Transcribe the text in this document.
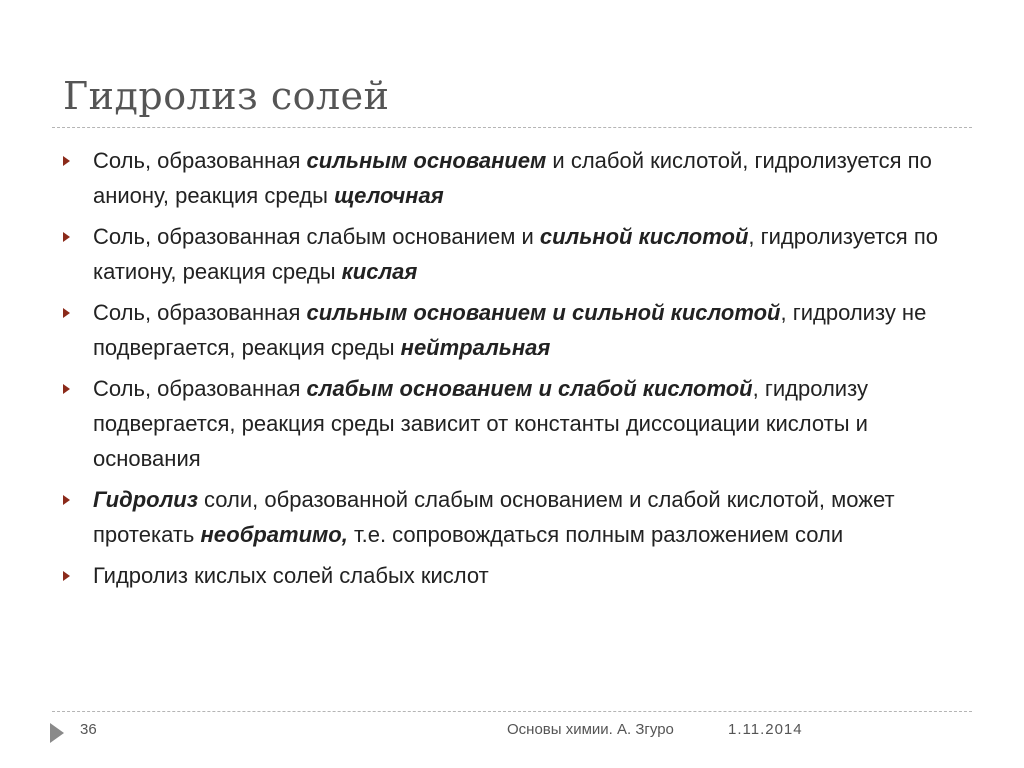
Гидролиз солей
Соль, образованная сильным основанием и слабой кислотой, гидролизуется по аниону, реакция среды щелочная
Соль, образованная слабым основанием и сильной кислотой, гидролизуется по катиону, реакция среды кислая
Соль, образованная сильным основанием и сильной кислотой, гидролизу не подвергается, реакция среды нейтральная
Соль, образованная слабым основанием и слабой кислотой, гидролизу подвергается, реакция среды зависит от константы диссоциации кислоты и основания
Гидролиз соли, образованной слабым основанием и слабой кислотой, может протекать необратимо, т.е. сопровождаться полным разложением соли
Гидролиз кислых солей слабых кислот
36	Основы химии. А. Згуро	1.11.2014
